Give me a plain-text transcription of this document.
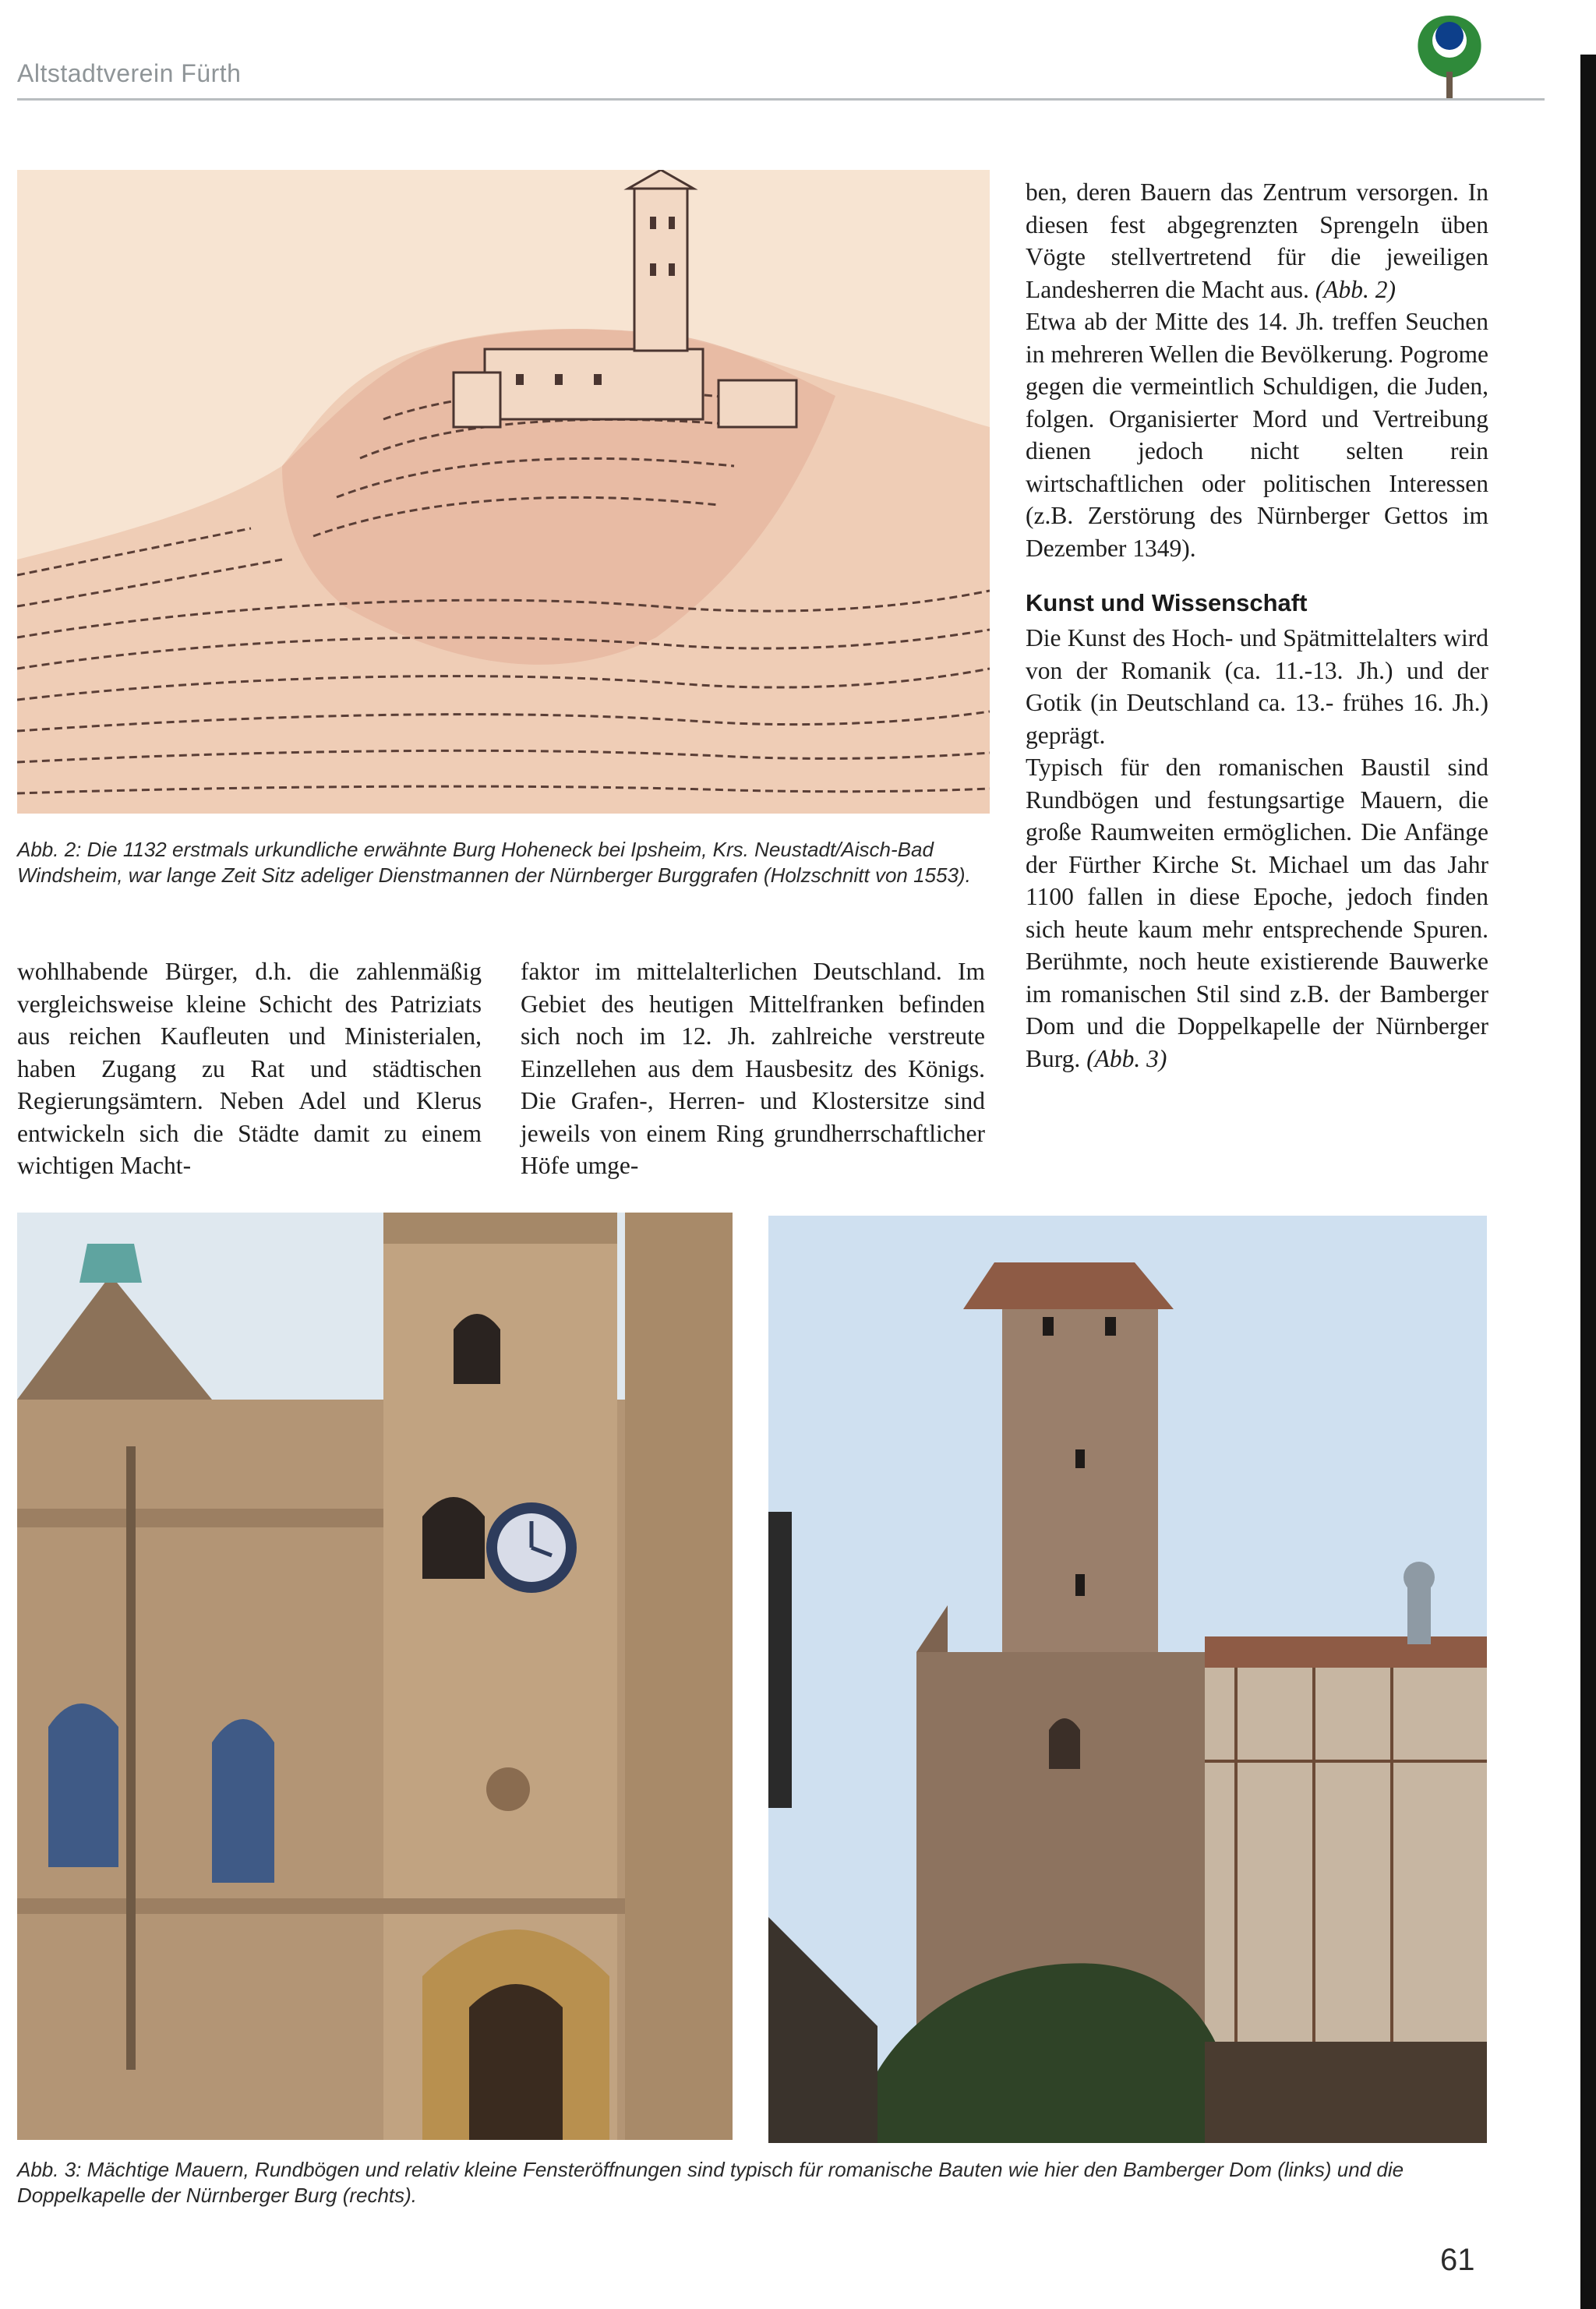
Altstadtverein Fürth
Abb. 2: Die 1132 erstmals urkundliche erwähnte Burg Hoheneck bei Ipsheim, Krs. Neustadt/Aisch-Bad Windsheim, war lange Zeit Sitz adeliger Dienstmannen der Nürnberger Burggrafen (Holzschnitt von 1553).

wohlhabende Bürger, d.h. die zahlenmäßig vergleichsweise kleine Schicht des Patriziats aus reichen Kaufleuten und Ministerialen, haben Zugang zu Rat und städtischen Regierungsämtern. Neben Adel und Klerus entwickeln sich die Städte damit zu einem wichtigen Macht-

faktor im mittelalterlichen Deutschland. Im Gebiet des heutigen Mittelfranken befinden sich noch im 12. Jh. zahlreiche verstreute Einzellehen aus dem Hausbesitz des Königs. Die Grafen-, Herren- und Klostersitze sind jeweils von einem Ring grundherrschaftlicher Höfe umge-

ben, deren Bauern das Zentrum versorgen. In diesen fest abgegrenzten Sprengeln üben Vögte stellvertretend für die jeweiligen Landesherren die Macht aus. (Abb. 2)

Etwa ab der Mitte des 14. Jh. treffen Seuchen in mehreren Wellen die Bevölkerung. Pogrome gegen die vermeintlich Schuldigen, die Juden, folgen. Organisierter Mord und Vertreibung dienen jedoch nicht selten rein wirtschaftlichen oder politischen Interessen (z.B. Zerstörung des Nürnberger Gettos im Dezember 1349).

Kunst und Wissenschaft

Die Kunst des Hoch- und Spätmittelalters wird von der Romanik (ca. 11.-13. Jh.) und der Gotik (in Deutschland ca. 13.- frühes 16. Jh.) geprägt.

Typisch für den romanischen Baustil sind Rundbögen und festungsartige Mauern, die große Raumweiten ermöglichen. Die Anfänge der Fürther Kirche St. Michael um das Jahr 1100 fallen in diese Epoche, jedoch finden sich heute kaum mehr entsprechende Spuren. Berühmte, noch heute existierende Bauwerke im romanischen Stil sind z.B. der Bamberger Dom und die Doppelkapelle der Nürnberger Burg. (Abb. 3)

Abb. 3: Mächtige Mauern, Rundbögen und relativ kleine Fensteröffnungen sind typisch für romanische Bauten wie hier den Bamberger Dom (links) und die Doppelkapelle der Nürnberger Burg (rechts).
61
